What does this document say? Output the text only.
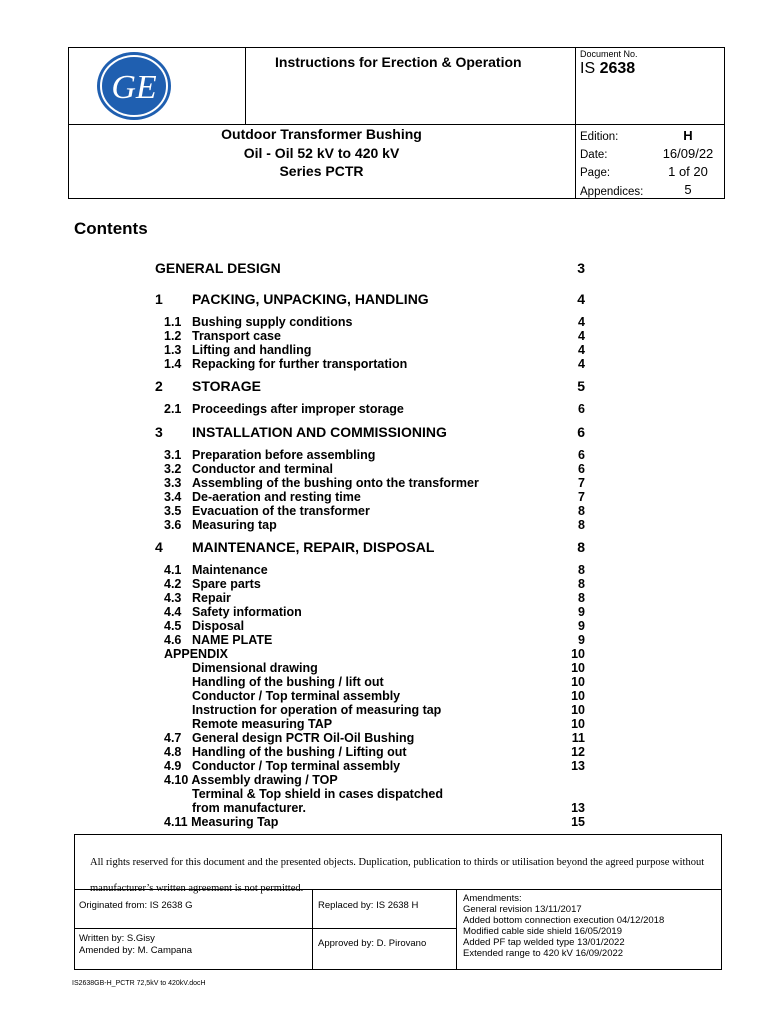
GE
Instructions for Erection & Operation	Document No.
IS 2638
Outdoor Transformer Bushing
Oil - Oil 52 kV to 420 kV
Series PCTR
Edition:	H
Date:	16/09/22
Page:	1 of 20
Appendices:	5
Contents
GENERAL DESIGN	3
1 PACKING, UNPACKING, HANDLING	4
1.1 Bushing supply conditions	4
1.2 Transport case	4
1.3 Lifting and handling	4
1.4 Repacking for further transportation	4
2 STORAGE	5
2.1 Proceedings after improper storage	6
3 INSTALLATION AND COMMISSIONING	6
3.1 Preparation before assembling	6
3.2 Conductor and terminal	6
3.3 Assembling of the bushing onto the transformer	7
3.4 De-aeration and resting time	7
3.5 Evacuation of the transformer	8
3.6 Measuring tap	8
4 MAINTENANCE, REPAIR, DISPOSAL	8
4.1 Maintenance	8
4.2 Spare parts	8
4.3 Repair	8
4.4 Safety information	9
4.5 Disposal	9
4.6 NAME PLATE	9
APPENDIX	10
Dimensional drawing	10
Handling of the bushing / lift out	10
Conductor / Top terminal assembly	10
Instruction for operation of measuring tap	10
Remote measuring TAP	10
4.7 General design PCTR Oil-Oil Bushing	11
4.8 Handling of the bushing / Lifting out	12
4.9 Conductor / Top terminal assembly	13
4.10 Assembly drawing / TOP
Terminal & Top shield in cases dispatched
from manufacturer.	13
4.11 Measuring Tap	15
All rights reserved for this document and the presented objects. Duplication, publication to thirds or utilisation beyond the agreed purpose without manufacturer’s written agreement is not permitted.
Originated from: IS 2638 G	Replaced by: IS 2638 H
Written by: S.Gisy
Amended by: M. Campana
Approved by: D. Pirovano
Amendments:
General revision 13/11/2017
Added bottom connection execution 04/12/2018
Modified cable side shield 16/05/2019
Added PF tap welded type 13/01/2022
Extended range to 420 kV 16/09/2022
IS2638GB-H_PCTR 72,5kV to 420kV.docH
